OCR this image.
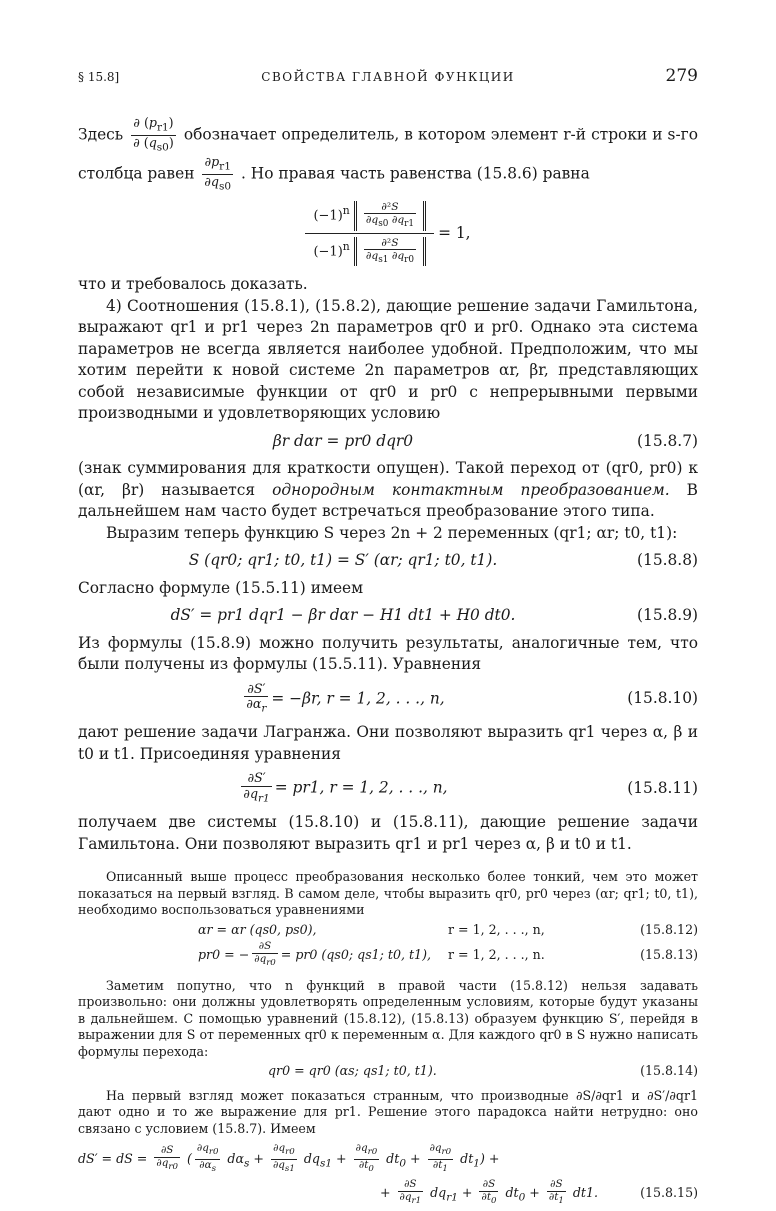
§ 15.8]	СВОЙСТВА ГЛАВНОЙ ФУНКЦИИ	279

Здесь $\frac{\partial (p_{r1})}{\partial (q_{s0})}$ обозначает определитель, в котором элемент r-й строки и s-го столбца равен $\frac{\partial p_{r1}}{\partial q_{s0}}$ . Но правая часть равенства (15.8.6) равна

$\frac{(-1)^n \frac{\text{∂²S}}{\partial q_{s0} \partial q_{r1}}}{(-1)^n \frac{\text{∂²S}}{\partial q_{s1} \partial q_{r0}}} = 1$,

что и требовалось доказать.

4) Соотношения (15.8.1), (15.8.2), дающие решение задачи Гамильтона, выражают qr1 и pr1 через 2n параметров qr0 и pr0. Однако эта система параметров не всегда является наиболее удобной. Предположим, что мы хотим перейти к новой системе 2n параметров αr, βr, представляющих собой независимые функции от qr0 и pr0 с непрерывными первыми производными и удовлетворяющих условию

βr dαr = pr0 dqr0	(15.8.7)

(знак суммирования для краткости опущен). Такой переход от (qr0, pr0) к (αr, βr) называется однородным контактным преобразованием. В дальнейшем нам часто будет встречаться преобразование этого типа.

Выразим теперь функцию S через 2n + 2 переменных (qr1; αr; t0, t1):

S (qr0; qr1; t0, t1) = S′ (αr; qr1; t0, t1).	(15.8.8)

Согласно формуле (15.5.11) имеем

dS′ = pr1 dqr1 − βr dαr − H1 dt1 + H0 dt0.	(15.8.9)

Из формулы (15.8.9) можно получить результаты, аналогичные тем, что были получены из формулы (15.5.11). Уравнения

$\frac{\partial S'}{\partial\alpha_r} = -\beta r$, r = 1, 2, . . ., n,	(15.8.10)

дают решение задачи Лагранжа. Они позволяют выразить qr1 через α, β и t0 и t1. Присоединяя уравнения

$\frac{\partial S'}{\partial q_{r1}} = pr1$, r = 1, 2, . . ., n,	(15.8.11)

получаем две системы (15.8.10) и (15.8.11), дающие решение задачи Гамильтона. Они позволяют выразить qr1 и pr1 через α, β и t0 и t1.

Описанный выше процесс преобразования несколько более тонкий, чем это может показаться на первый взгляд. В самом деле, чтобы выразить qr0, pr0 через (αr; qr1; t0, t1), необходимо воспользоваться уравнениями

αr = αr (qs0, ps0),	r = 1, 2, . . ., n,	(15.8.12)
pr0 = − $\frac{\partial S}{\partial q_{r0}} = pr0$ (qs0; qs1; t0, t1),	r = 1, 2, . . ., n.	(15.8.13)

Заметим попутно, что n функций в правой части (15.8.12) нельзя задавать произвольно: они должны удовлетворять определенным условиям, которые будут указаны в дальнейшем. С помощью уравнений (15.8.12), (15.8.13) образуем функцию S′, перейдя в выражении для S от переменных qr0 к переменным α. Для каждого qr0 в S нужно написать формулы перехода:

qr0 = qr0 (αs; qs1; t0, t1).	(15.8.14)

На первый взгляд может показаться странным, что производные ∂S/∂qr1 и ∂S′/∂qr1 дают одно и то же выражение для pr1. Решение этого парадокса найти нетрудно: оно связано с условием (15.8.7). Имеем

dS′ = dS = $\frac{\partial S}{\partial q_{r0}}$ ( $\frac{\partial q_{r0}}{\partial\alpha_s} d\alpha_s + \frac{\partial q_{r0}}{\partial q_{s1}} dq_{s1} + \frac{\partial q_{r0}}{\partial t_0} dt_0 + \frac{\partial q_{r0}}{\partial t_1} dt_1$) +
+ $\frac{\partial S}{\partial q_{r1}} dq_{r1} + \frac{\partial S}{\partial t_0} dt_0 + \frac{\partial S}{\partial t_1} dt1$.	(15.8.15)
